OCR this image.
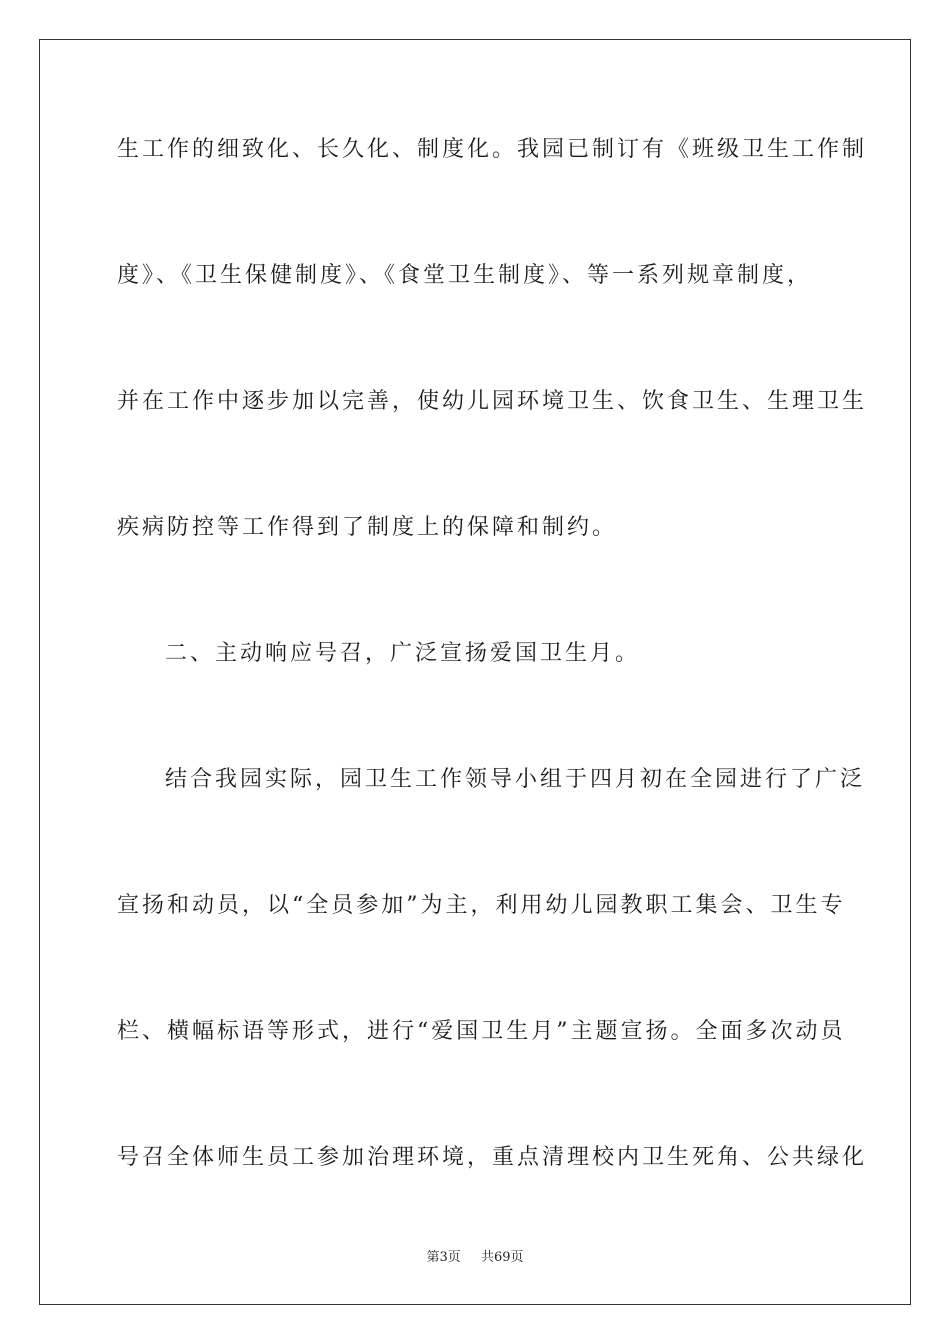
生工作的细致化、长久化、制度化。我园已制订有《班级卫生工作制
度》、《卫生保健制度》、《食堂卫生制度》、等一系列规章制度，
并在工作中逐步加以完善，使幼儿园环境卫生、饮食卫生、生理卫生
疾病防控等工作得到了制度上的保障和制约。
二、主动响应号召，广泛宣扬爱国卫生月。
结合我园实际，园卫生工作领导小组于四月初在全园进行了广泛
宣扬和动员，以“全员参加”为主，利用幼儿园教职工集会、卫生专
栏、横幅标语等形式，进行“爱国卫生月”主题宣扬。全面多次动员
号召全体师生员工参加治理环境，重点清理校内卫生死角、公共绿化
第3页 共69页
